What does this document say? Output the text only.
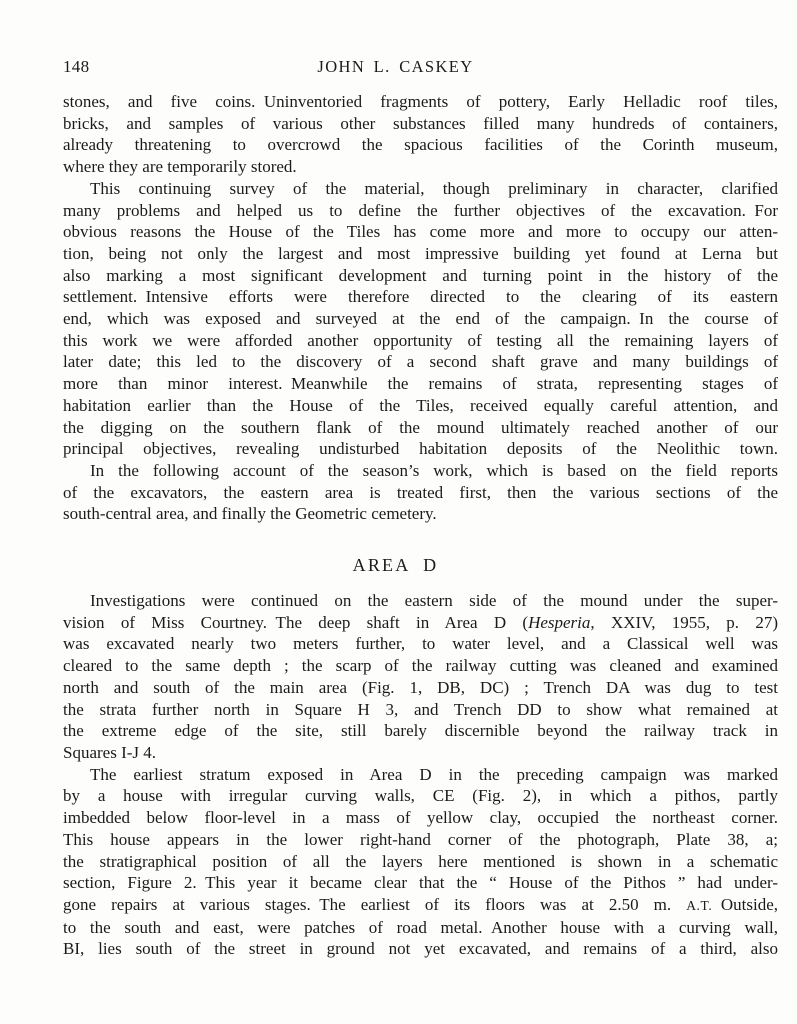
148	JOHN L. CASKEY
stones, and five coins. Uninventoried fragments of pottery, Early Helladic roof tiles,
bricks, and samples of various other substances filled many hundreds of containers,
already threatening to overcrowd the spacious facilities of the Corinth museum,
where they are temporarily stored.
This continuing survey of the material, though preliminary in character, clarified
many problems and helped us to define the further objectives of the excavation. For
obvious reasons the House of the Tiles has come more and more to occupy our atten-
tion, being not only the largest and most impressive building yet found at Lerna but
also marking a most significant development and turning point in the history of the
settlement. Intensive efforts were therefore directed to the clearing of its eastern
end, which was exposed and surveyed at the end of the campaign. In the course of
this work we were afforded another opportunity of testing all the remaining layers of
later date; this led to the discovery of a second shaft grave and many buildings of
more than minor interest. Meanwhile the remains of strata, representing stages of
habitation earlier than the House of the Tiles, received equally careful attention, and
the digging on the southern flank of the mound ultimately reached another of our
principal objectives, revealing undisturbed habitation deposits of the Neolithic town.
In the following account of the season’s work, which is based on the field reports
of the excavators, the eastern area is treated first, then the various sections of the
south-central area, and finally the Geometric cemetery.
AREA D
Investigations were continued on the eastern side of the mound under the super-
vision of Miss Courtney. The deep shaft in Area D (Hesperia, XXIV, 1955, p. 27)
was excavated nearly two meters further, to water level, and a Classical well was
cleared to the same depth ; the scarp of the railway cutting was cleaned and examined
north and south of the main area (Fig. 1, DB, DC) ; Trench DA was dug to test
the strata further north in Square H 3, and Trench DD to show what remained at
the extreme edge of the site, still barely discernible beyond the railway track in
Squares I-J 4.
The earliest stratum exposed in Area D in the preceding campaign was marked
by a house with irregular curving walls, CE (Fig. 2), in which a pithos, partly
imbedded below floor-level in a mass of yellow clay, occupied the northeast corner.
This house appears in the lower right-hand corner of the photograph, Plate 38, a;
the stratigraphical position of all the layers here mentioned is shown in a schematic
section, Figure 2. This year it became clear that the “ House of the Pithos ” had under-
gone repairs at various stages. The earliest of its floors was at 2.50 m. A.T. Outside,
to the south and east, were patches of road metal. Another house with a curving wall,
BI, lies south of the street in ground not yet excavated, and remains of a third, also
